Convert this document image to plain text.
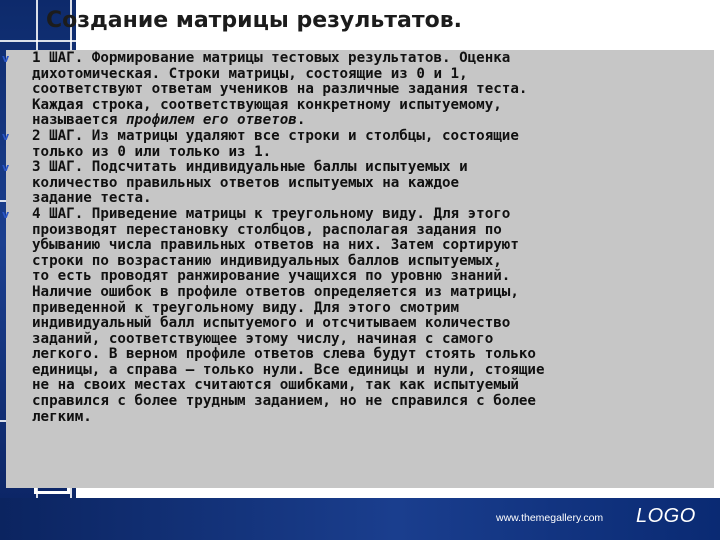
Создание матрицы результатов.
v 1 ШАГ. Формирование матрицы тестовых результатов. Оценка
дихотомическая. Строки матрицы, состоящие из 0 и 1,
соответствуют ответам учеников на различные задания теста.
Каждая строка, соответствующая конкретному испытуемому,
называется профилем его ответов.
v 2 ШАГ. Из матрицы удаляют все строки и столбцы, состоящие
только из 0 или только из 1.
v 3 ШАГ. Подсчитать индивидуальные баллы испытуемых и
количество правильных ответов испытуемых на каждое
задание теста.
v 4 ШАГ. Приведение матрицы к треугольному виду. Для этого
производят перестановку столбцов, располагая задания по
убыванию числа правильных ответов на них. Затем сортируют
строки по возрастанию индивидуальных баллов испытуемых,
то есть проводят ранжирование учащихся по уровню знаний.
Наличие ошибок в профиле ответов определяется из матрицы,
приведенной к треугольному виду. Для этого смотрим
индивидуальный балл испытуемого и отсчитываем количество
заданий, соответствующее этому числу, начиная с самого
легкого. В верном профиле ответов слева будут стоять только
единицы, а справа – только нули. Все единицы и нули, стоящие
не на своих местах считаются ошибками, так как испытуемый
справился с более трудным заданием, но не справился с более
легким.
www.themegallery.com LOGO
